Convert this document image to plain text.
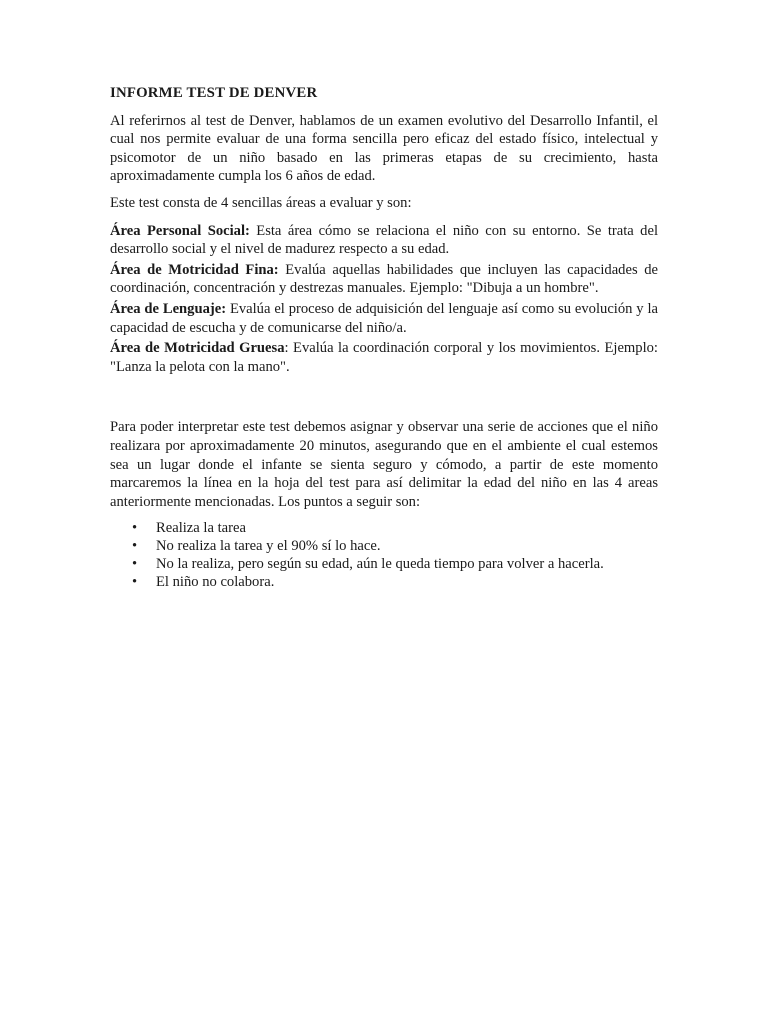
INFORME TEST DE DENVER

Al referirnos al test de Denver, hablamos de un examen evolutivo del Desarrollo Infantil, el cual nos permite evaluar de una forma sencilla pero eficaz del estado físico, intelectual y psicomotor de un niño basado en las primeras etapas de su crecimiento, hasta aproximadamente cumpla los 6 años de edad.

Este test consta de 4 sencillas áreas a evaluar y son:

Área Personal Social: Esta área cómo se relaciona el niño con su entorno. Se trata del desarrollo social y el nivel de madurez respecto a su edad.

Área de Motricidad Fina: Evalúa aquellas habilidades que incluyen las capacidades de coordinación, concentración y destrezas manuales. Ejemplo: "Dibuja a un hombre".

Área de Lenguaje: Evalúa el proceso de adquisición del lenguaje así como su evolución y la capacidad de escucha y de comunicarse del niño/a.

Área de Motricidad Gruesa: Evalúa la coordinación corporal y los movimientos. Ejemplo: "Lanza la pelota con la mano".

Para poder interpretar este test debemos asignar y observar una serie de acciones que el niño realizara por aproximadamente 20 minutos, asegurando que en el ambiente el cual estemos sea un lugar donde el infante se sienta seguro y cómodo, a partir de este momento marcaremos la línea en la hoja del test para así delimitar la edad del niño en las 4 areas anteriormente mencionadas. Los puntos a seguir son:

• Realiza la tarea
• No realiza la tarea y el 90% sí lo hace.
• No la realiza, pero según su edad, aún le queda tiempo para volver a hacerla.
• El niño no colabora.
